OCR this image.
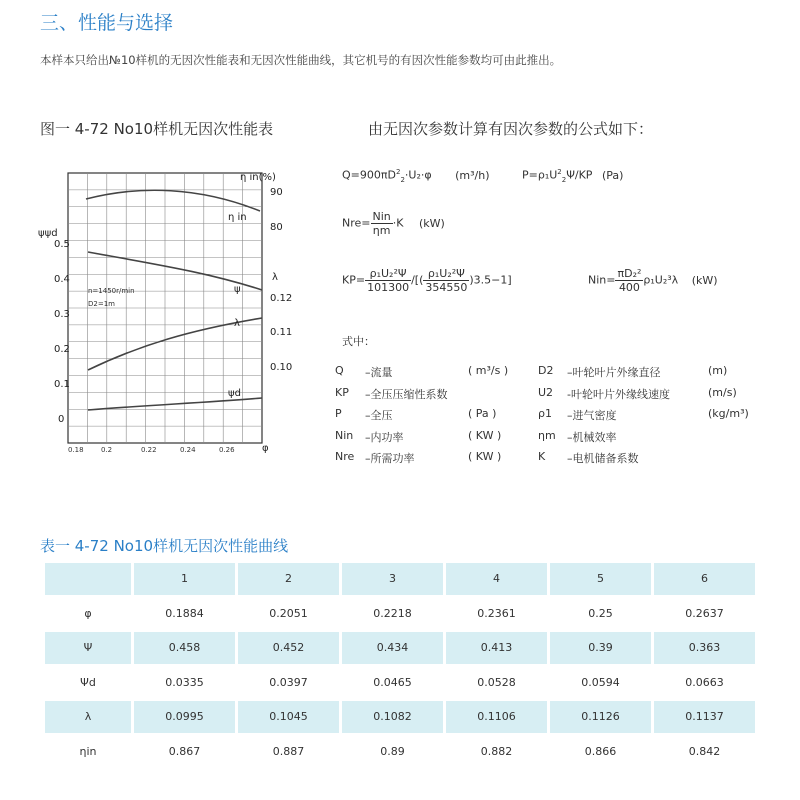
三、性能与选择
本样本只给出№10样机的无因次性能表和无因次性能曲线，其它机号的有因次性能参数均可由此推出。
图一 4-72 No10样机无因次性能表	由无因次参数计算有因次参数的公式如下：
η in(%)
90
80
λ
0.12
0.11
0.10
ψψd
0.5
0.4
0.3
0.2
0.1
0
0.18 0.2	0.22	0.24	0.26	φ
n=1450r/min
D2=1m
η in
ψ
λ
ψd
$Q=900\pi D^2_2\cdot U_2\cdot\varphi$ (m³/h)	$P=\rho_1U^2_2\Psi/KP$ (Pa)
$Nre= \frac{\text{Nin}}{\eta m} \cdot K$ (kW)
$KP= \frac{\text{ρ₁U₂²Ψ}}{101300}$ /[( $\frac{\text{ρ₁U₂²Ψ}}{354550} )3.5-1$]	$Nin= \frac{\text{πD₂²}}{400} \rho_1U_2^3\lambda$ (kW)
式中：
Q –流量	( m³/s )	D2 –叶轮叶片外缘直径	(m)
KP –全压压缩性系数	U2 -叶轮叶片外缘线速度	(m/s)
P –全压	( Pa )	ρ1 –进气密度	(kg/m³)
Nin –内功率	( KW )	ηm –机械效率
Nre –所需功率	( KW )	K –电机储备系数
表一 4-72 No10样机无因次性能曲线
	1	2	3	4	5	6
φ	0.1884	0.2051	0.2218	0.2361	0.25	0.2637
Ψ	0.458	0.452	0.434	0.413	0.39	0.363
Ψd	0.0335	0.0397	0.0465	0.0528	0.0594	0.0663
λ	0.0995	0.1045	0.1082	0.1106	0.1126	0.1137
ηin	0.867	0.887	0.89	0.882	0.866	0.842
